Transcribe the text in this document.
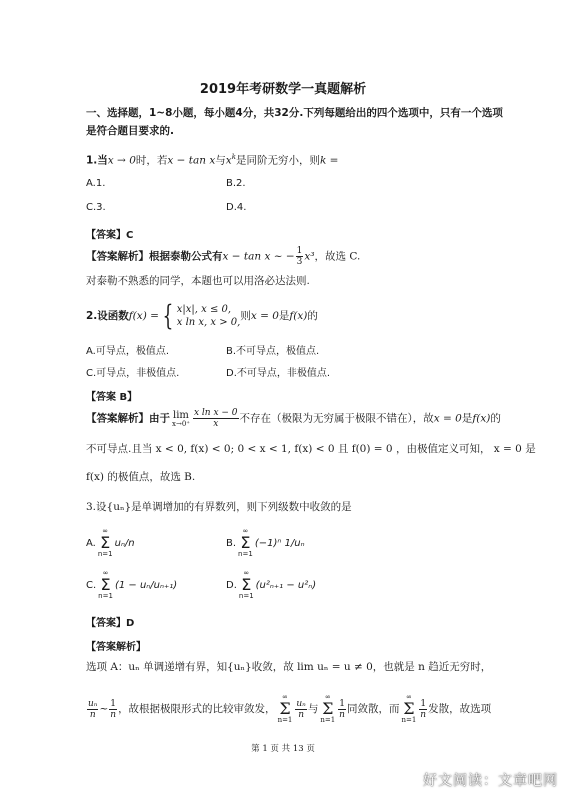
2019年考研数学一真题解析
一、选择题，1~8小题，每小题4分，共32分.下列每题给出的四个选项中，只有一个选项
是符合题目要求的.
1.当x → 0时，若x − tan x与$x^k$是同阶无穷小，则k =
A.1.	B.2.
C.3.	D.4.
【答案】C
【答案解析】根据泰勒公式有x − tan x ~ − $\frac{1}{3} x^3$，故选 C.
对泰勒不熟悉的同学，本题也可以用洛必达法则.
2.设函数f(x) = { x|x|, x ≤ 0,
x ln x, x > 0,
则x = 0是f(x)的
A.可导点，极值点.	B.不可导点，极值点.
C.可导点，非极值点.	D.不可导点，非极值点.
【答案 B】
【答案解析】由于 lim
$x\to 0^+ \frac{\text{x ln x − 0}}{x}$ 不存在（极限为无穷属于极限不错在），故x = 0是f(x)的
不可导点.且当 x < 0, f(x) < 0; 0 < x < 1, f(x) < 0 且 f(0) = 0 ，由极值定义可知， x = 0 是
f(x) 的极值点，故选 B.
3.设{uₙ}是单调增加的有界数列，则下列级数中收敛的是
A.∞
Σ
n=1uₙ/n	B.∞
Σ
n=1(−1)ⁿ 1/uₙ
C.∞
Σ
n=1(1 − uₙ/uₙ₊₁)	D.∞
Σ
n=1(u²ₙ₊₁ − u²ₙ)
【答案】D
【答案解析】
选项 A：uₙ 单调递增有界，知{uₙ}收敛，故 lim uₙ = u ≠ 0，也就是 n 趋近无穷时，
$\frac{\text{uₙ}}{n}$ ~ $\frac{1}{n}$ ，故根据极限形式的比较审敛发，∞
Σ
n=1
$\frac{\text{uₙ}}{n}$ 与∞
Σ
n=1
$\frac{1}{n}$ 同敛散，而∞
Σ
n=1
$\frac{1}{n}$ 发散，故选项
第 1 页 共 13 页
好文阅读：文章吧网
